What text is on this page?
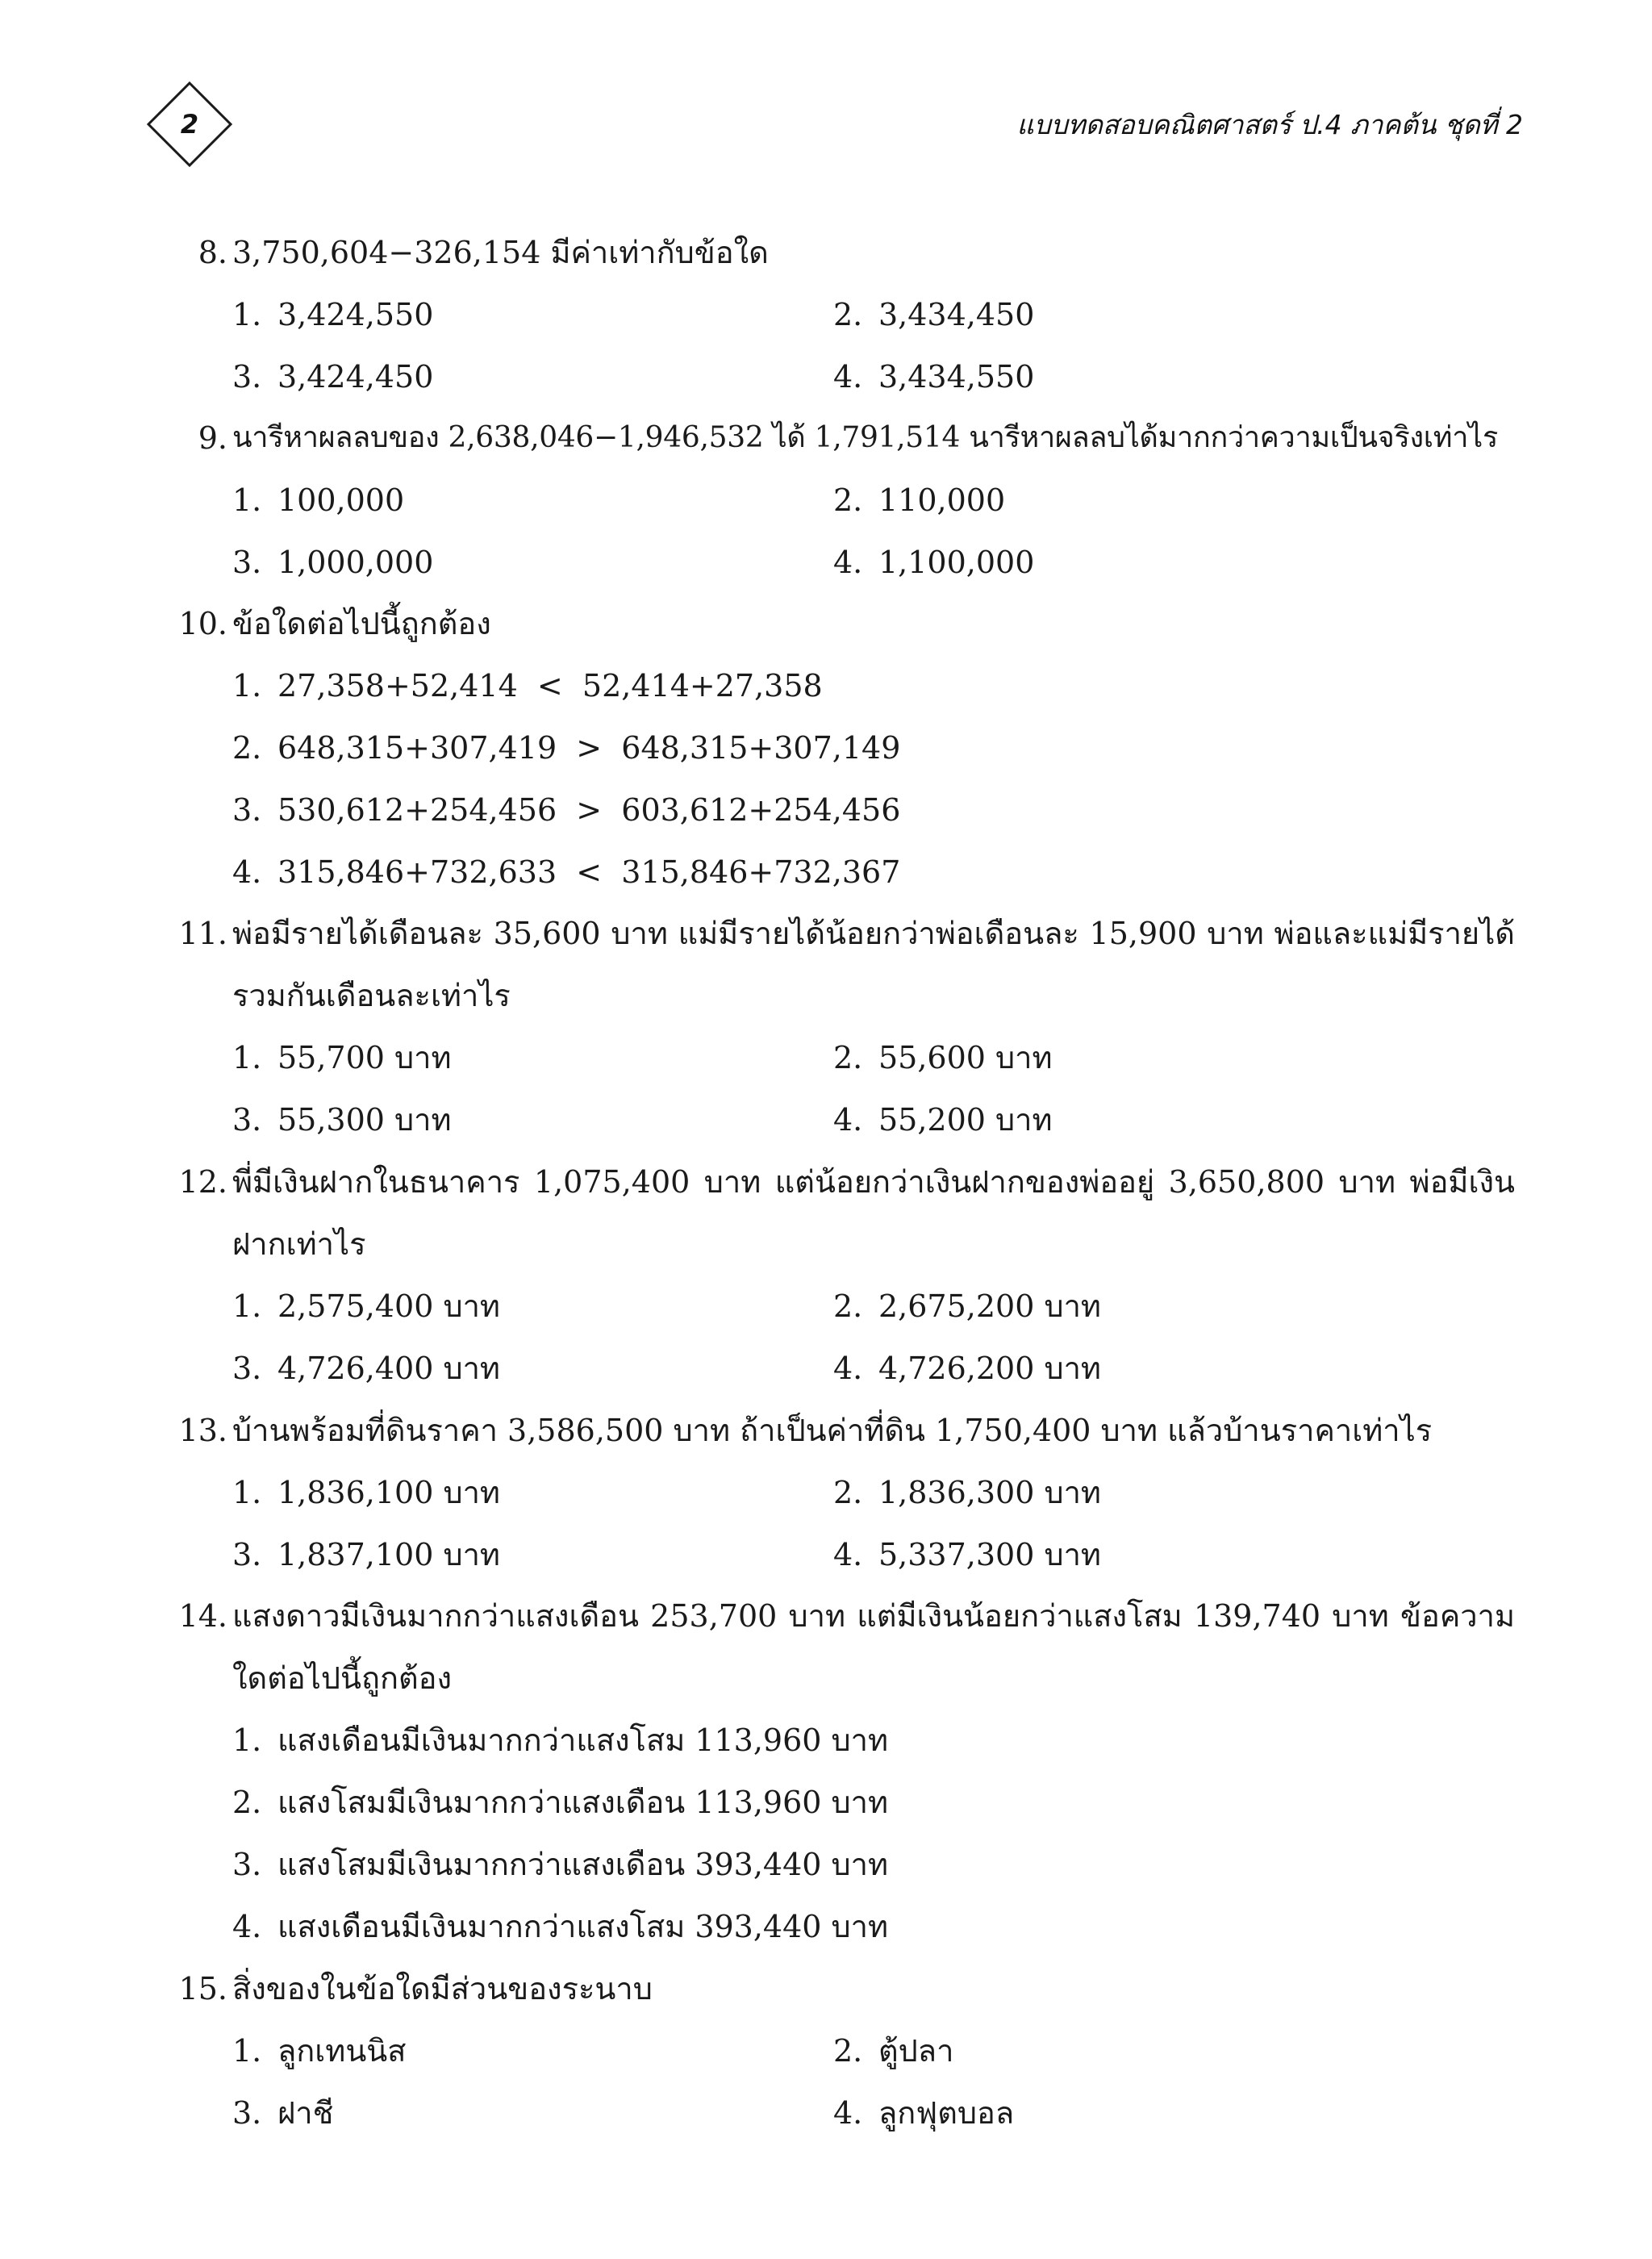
2	แบบทดสอบคณิตศาสตร์ ป.4 ภาคต้น ชุดที่ 2
8. 3,750,604−326,154 มีค่าเท่ากับข้อใด
1. 3,424,550	2. 3,434,450
3. 3,424,450	4. 3,434,550
9. นารีหาผลลบของ 2,638,046−1,946,532 ได้ 1,791,514 นารีหาผลลบได้มากกว่าความเป็นจริงเท่าไร
1. 100,000	2. 110,000
3. 1,000,000	4. 1,100,000
10. ข้อใดต่อไปนี้ถูกต้อง
1. 27,358+52,414  <  52,414+27,358
2. 648,315+307,419  >  648,315+307,149
3. 530,612+254,456  >  603,612+254,456
4. 315,846+732,633  <  315,846+732,367
11. พ่อมีรายได้เดือนละ 35,600 บาท แม่มีรายได้น้อยกว่าพ่อเดือนละ 15,900 บาท พ่อและแม่มีรายได้รวมกันเดือนละเท่าไร
1. 55,700 บาท	2. 55,600 บาท
3. 55,300 บาท	4. 55,200 บาท
12. พี่มีเงินฝากในธนาคาร 1,075,400 บาท แต่น้อยกว่าเงินฝากของพ่ออยู่ 3,650,800 บาท พ่อมีเงินฝากเท่าไร
1. 2,575,400 บาท	2. 2,675,200 บาท
3. 4,726,400 บาท	4. 4,726,200 บาท
13. บ้านพร้อมที่ดินราคา 3,586,500 บาท ถ้าเป็นค่าที่ดิน 1,750,400 บาท แล้วบ้านราคาเท่าไร
1. 1,836,100 บาท	2. 1,836,300 บาท
3. 1,837,100 บาท	4. 5,337,300 บาท
14. แสงดาวมีเงินมากกว่าแสงเดือน 253,700 บาท แต่มีเงินน้อยกว่าแสงโสม 139,740 บาท ข้อความใดต่อไปนี้ถูกต้อง
1. แสงเดือนมีเงินมากกว่าแสงโสม 113,960 บาท
2. แสงโสมมีเงินมากกว่าแสงเดือน 113,960 บาท
3. แสงโสมมีเงินมากกว่าแสงเดือน 393,440 บาท
4. แสงเดือนมีเงินมากกว่าแสงโสม 393,440 บาท
15. สิ่งของในข้อใดมีส่วนของระนาบ
1. ลูกเทนนิส	2. ตู้ปลา
3. ฝาชี	4. ลูกฟุตบอล
